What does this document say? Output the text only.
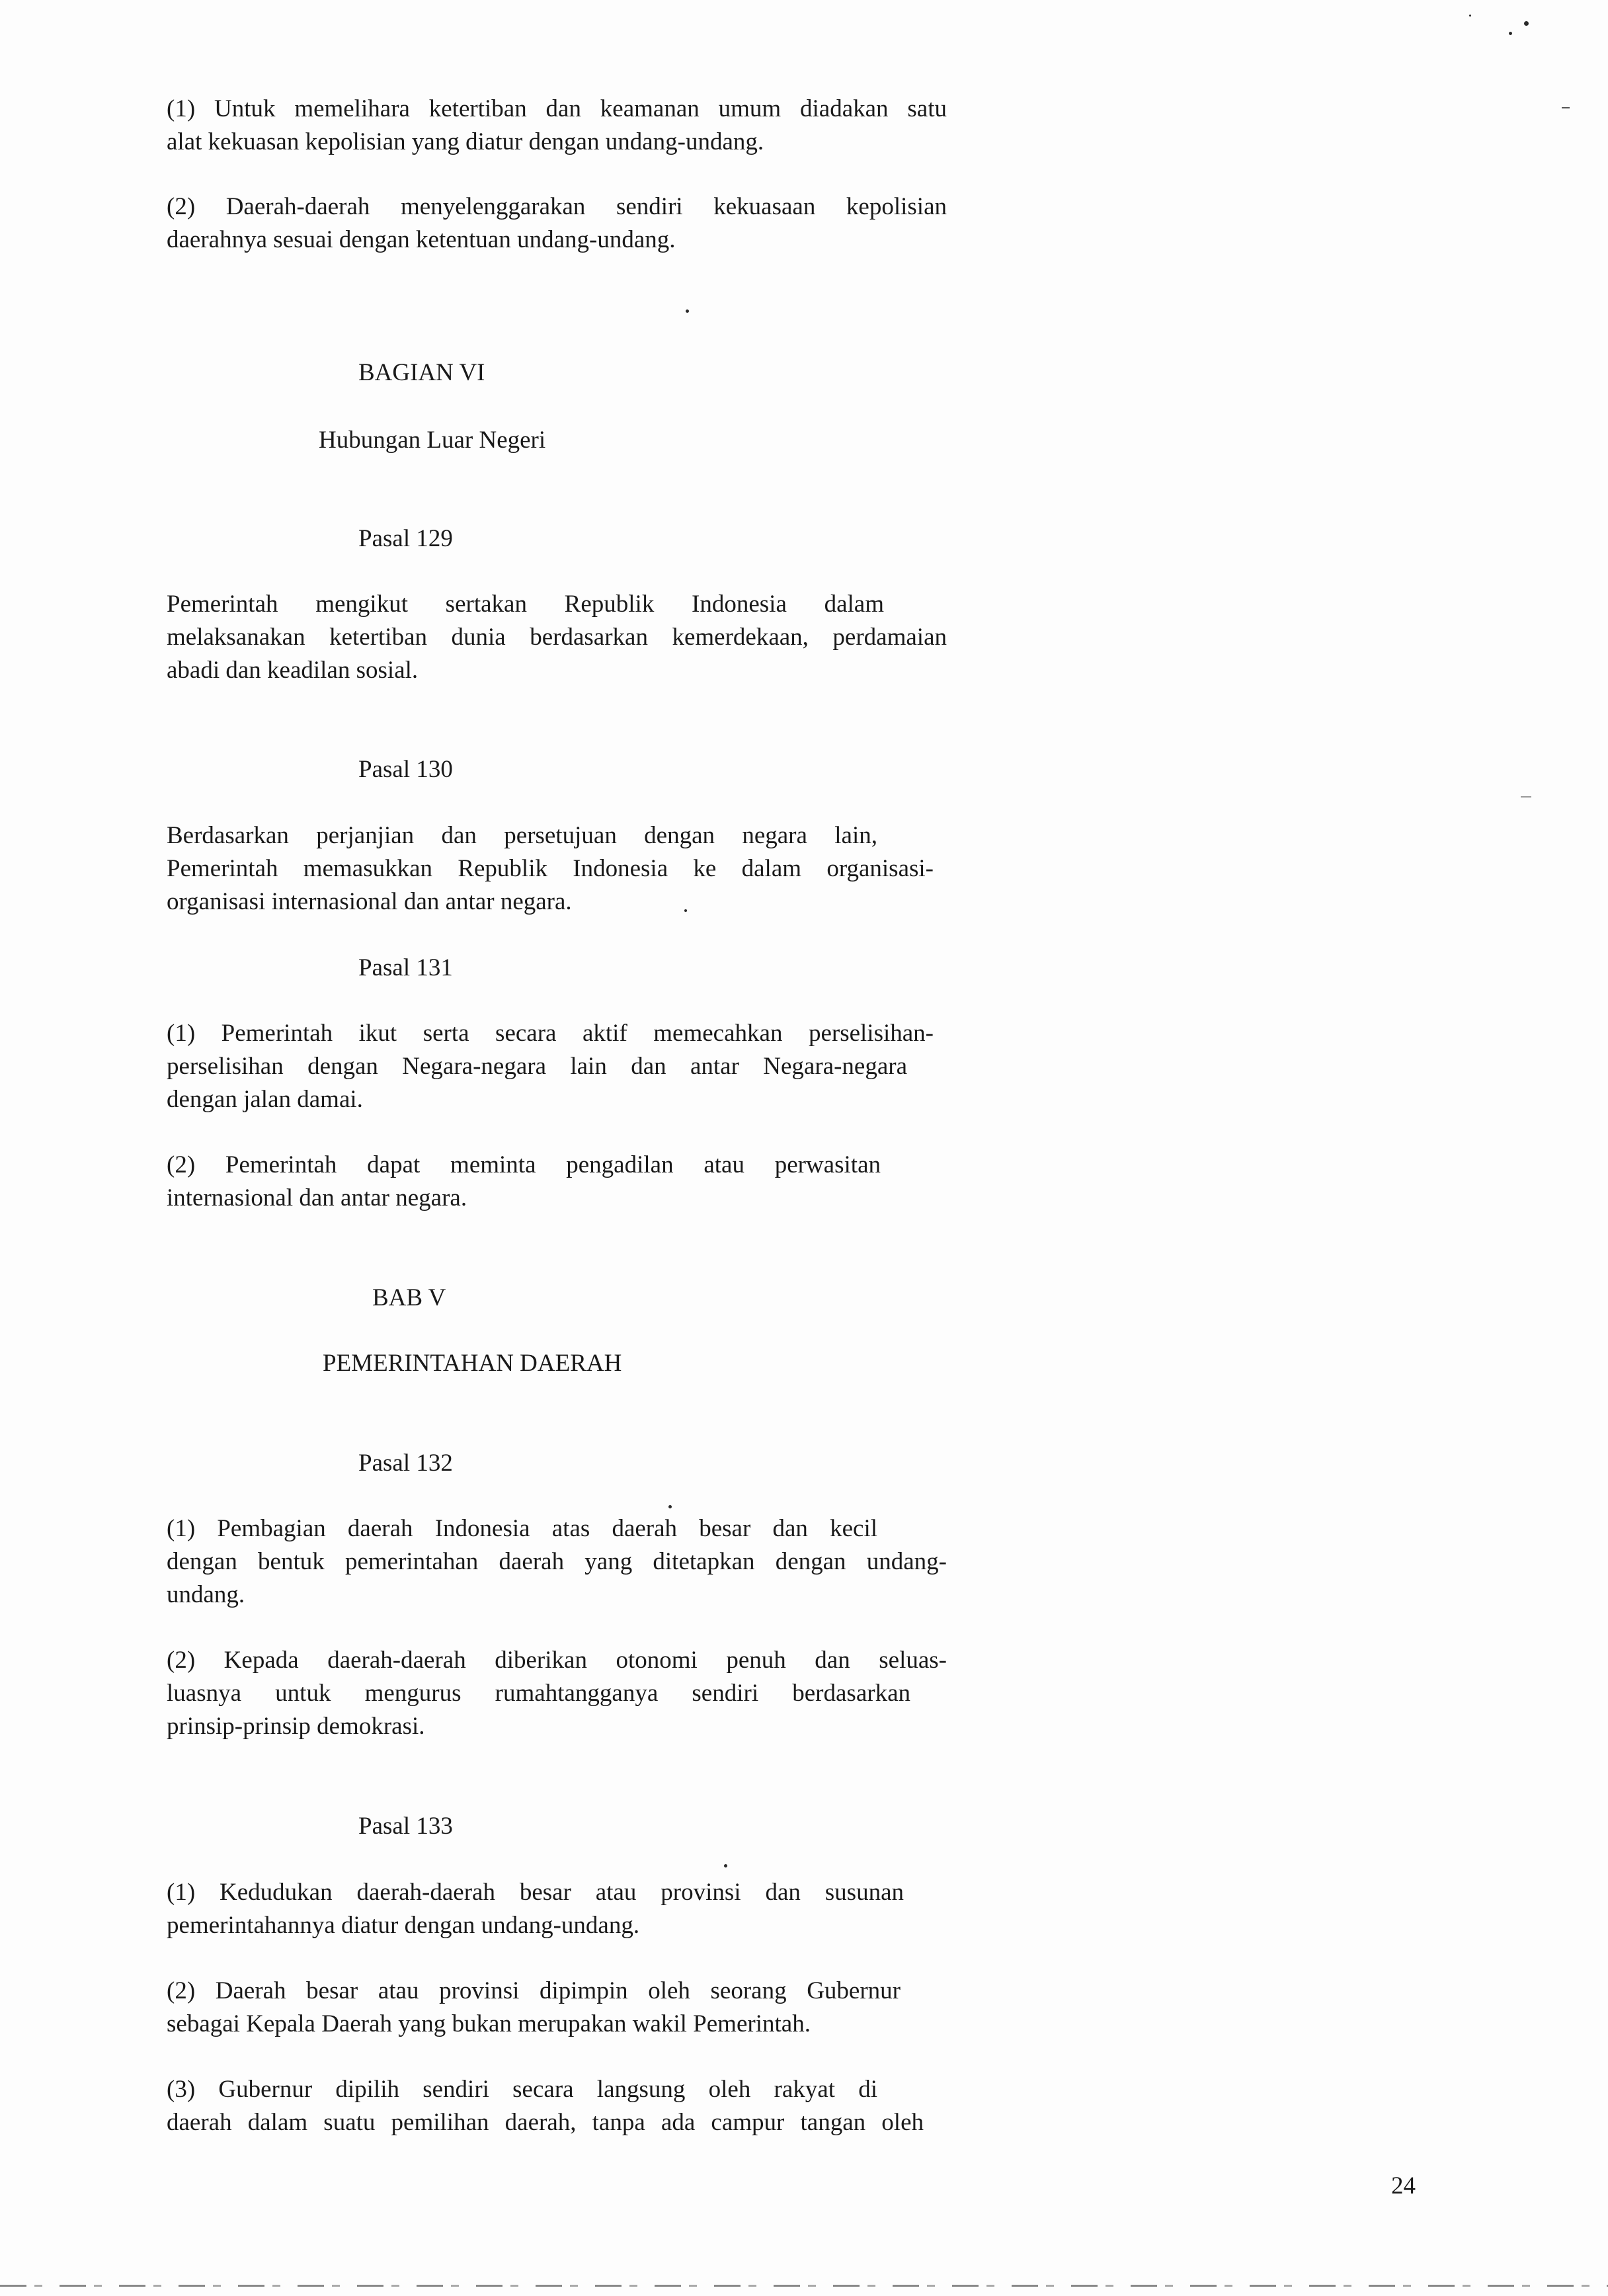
(1) Untuk memelihara ketertiban dan keamanan umum diadakan satu
alat kekuasan kepolisian yang diatur dengan undang-undang.
(2) Daerah-daerah menyelenggarakan sendiri kekuasaan kepolisian
daerahnya sesuai dengan ketentuan undang-undang.
BAGIAN VI
Hubungan Luar Negeri
Pasal 129
Pemerintah mengikut sertakan Republik Indonesia dalam
melaksanakan ketertiban dunia berdasarkan kemerdekaan, perdamaian
abadi dan keadilan sosial.
Pasal 130
Berdasarkan perjanjian dan persetujuan dengan negara lain,
Pemerintah memasukkan Republik Indonesia ke dalam organisasi-
organisasi internasional dan antar negara.
Pasal 131
(1) Pemerintah ikut serta secara aktif memecahkan perselisihan-
perselisihan dengan Negara-negara lain dan antar Negara-negara
dengan jalan damai.
(2) Pemerintah dapat meminta pengadilan atau perwasitan
internasional dan antar negara.
BAB V
PEMERINTAHAN DAERAH
Pasal 132
(1) Pembagian daerah Indonesia atas daerah besar dan kecil
dengan bentuk pemerintahan daerah yang ditetapkan dengan undang-
undang.
(2) Kepada daerah-daerah diberikan otonomi penuh dan seluas-
luasnya untuk mengurus rumahtangganya sendiri berdasarkan
prinsip-prinsip demokrasi.
Pasal 133
(1) Kedudukan daerah-daerah besar atau provinsi dan susunan
pemerintahannya diatur dengan undang-undang.
(2) Daerah besar atau provinsi dipimpin oleh seorang Gubernur
sebagai Kepala Daerah yang bukan merupakan wakil Pemerintah.
(3) Gubernur dipilih sendiri secara langsung oleh rakyat di
daerah dalam suatu pemilihan daerah, tanpa ada campur tangan oleh
24
